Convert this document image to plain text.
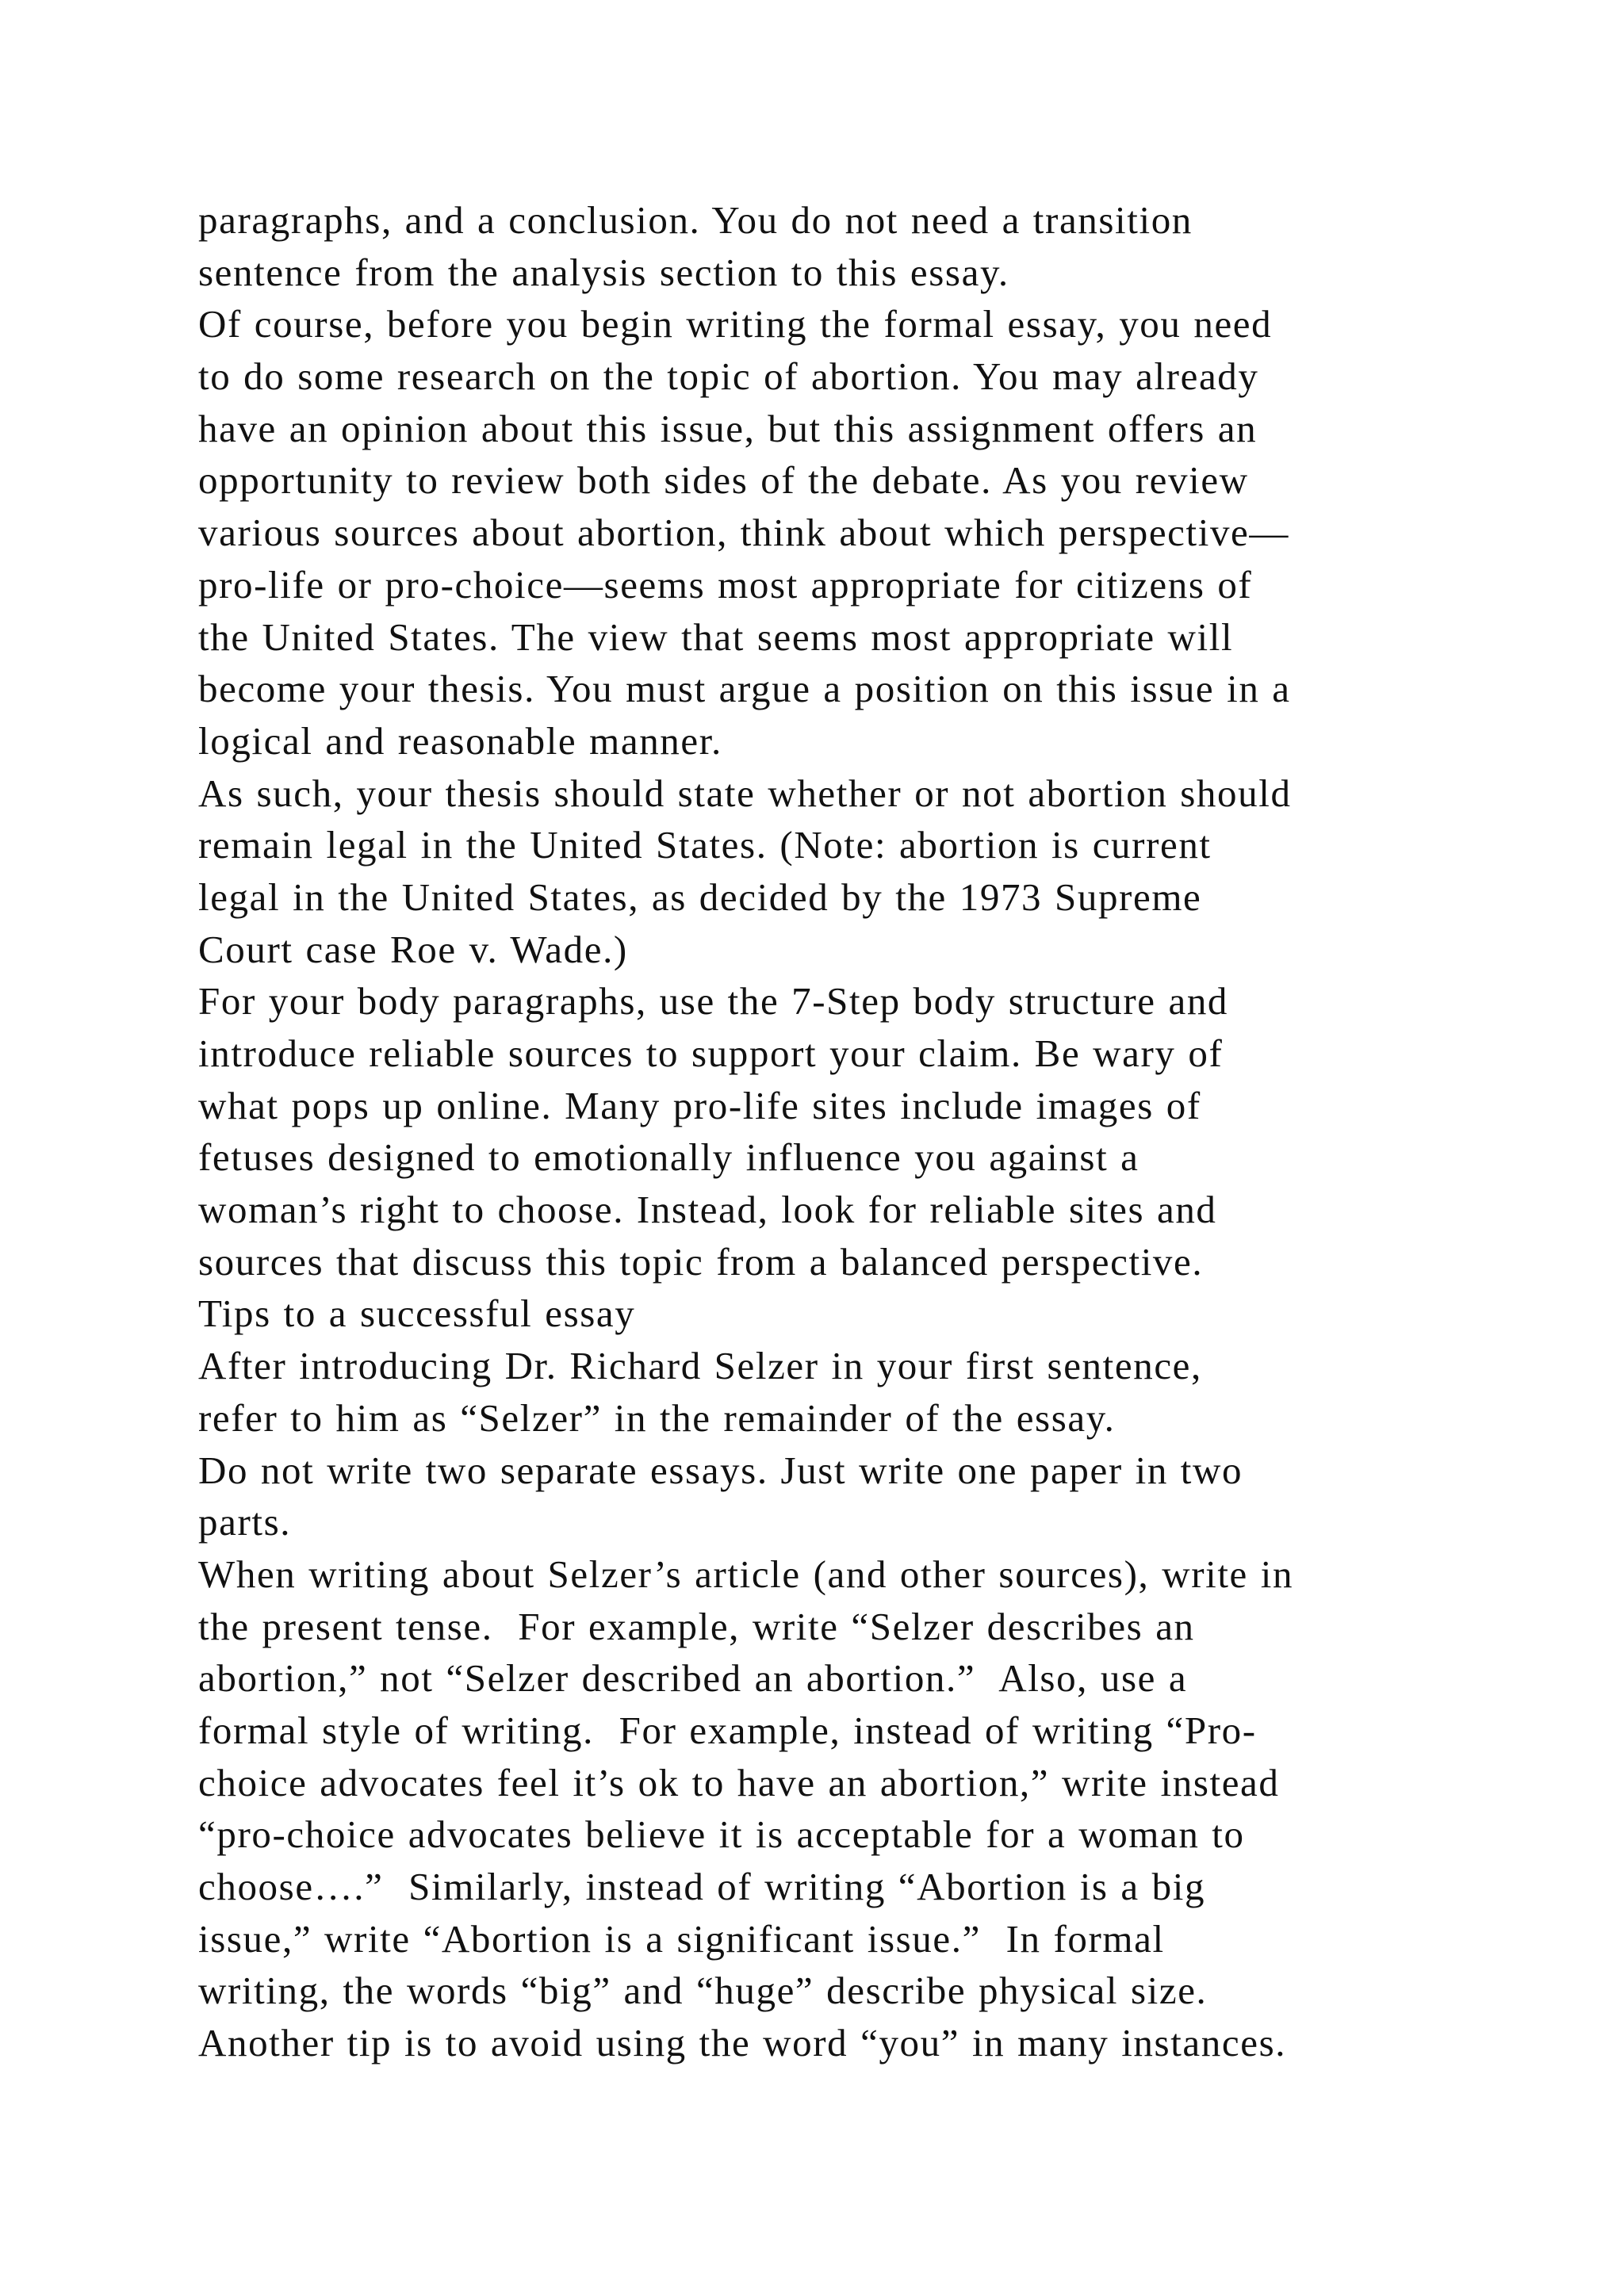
paragraphs, and a conclusion. You do not need a transition
sentence from the analysis section to this essay.
Of course, before you begin writing the formal essay, you need
to do some research on the topic of abortion. You may already
have an opinion about this issue, but this assignment offers an
opportunity to review both sides of the debate. As you review
various sources about abortion, think about which perspective—
pro-life or pro-choice—seems most appropriate for citizens of
the United States. The view that seems most appropriate will
become your thesis. You must argue a position on this issue in a
logical and reasonable manner.
As such, your thesis should state whether or not abortion should
remain legal in the United States. (Note: abortion is current
legal in the United States, as decided by the 1973 Supreme
Court case Roe v. Wade.)
For your body paragraphs, use the 7-Step body structure and
introduce reliable sources to support your claim. Be wary of
what pops up online. Many pro-life sites include images of
fetuses designed to emotionally influence you against a
woman’s right to choose. Instead, look for reliable sites and
sources that discuss this topic from a balanced perspective.
Tips to a successful essay
After introducing Dr. Richard Selzer in your first sentence,
refer to him as “Selzer” in the remainder of the essay.
Do not write two separate essays. Just write one paper in two
parts.
When writing about Selzer’s article (and other sources), write in
the present tense.  For example, write “Selzer describes an
abortion,” not “Selzer described an abortion.”  Also, use a
formal style of writing.  For example, instead of writing “Pro-
choice advocates feel it’s ok to have an abortion,” write instead
“pro-choice advocates believe it is acceptable for a woman to
choose….”  Similarly, instead of writing “Abortion is a big
issue,” write “Abortion is a significant issue.”  In formal
writing, the words “big” and “huge” describe physical size.
Another tip is to avoid using the word “you” in many instances.
